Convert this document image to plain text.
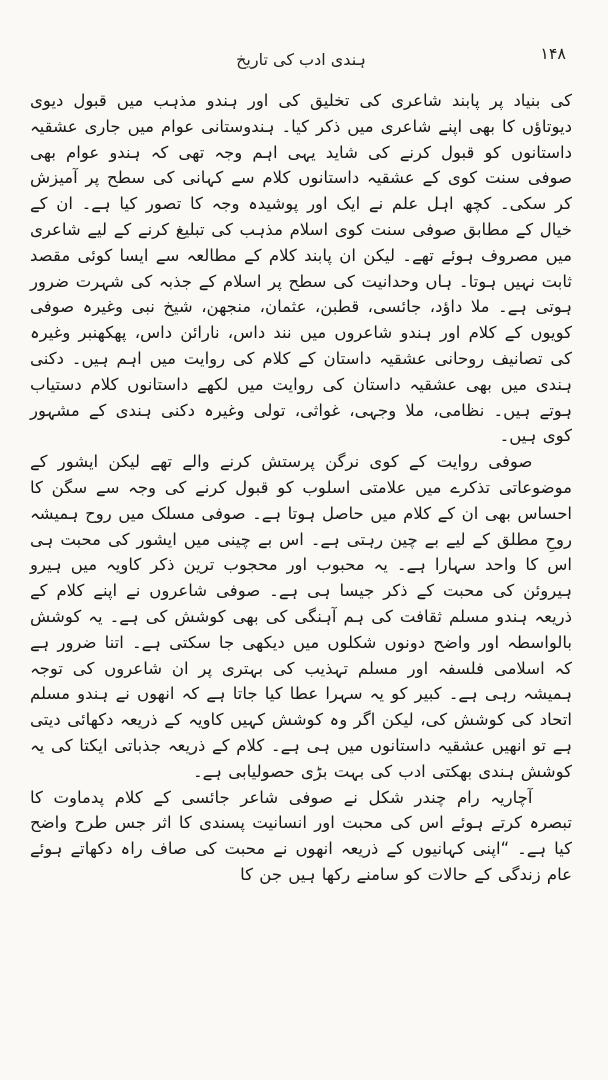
۱۴۸
ہندی ادب کی تاریخ

کی بنیاد پر پابند شاعری کی تخلیق کی اور ہندو مذہب میں قبول دیوی دیوتاؤں کا بھی اپنے شاعری میں ذکر کیا۔ ہندوستانی عوام میں جاری عشقیہ داستانوں کو قبول کرنے کی شاید یہی اہم وجہ تھی کہ ہندو عوام بھی صوفی سنت کوی کے عشقیہ داستانوں کلام سے کہانی کی سطح پر آمیزش کر سکی۔ کچھ اہل علم نے ایک اور پوشیدہ وجہ کا تصور کیا ہے۔ ان کے خیال کے مطابق صوفی سنت کوی اسلام مذہب کی تبلیغ کرنے کے لیے شاعری میں مصروف ہوئے تھے۔ لیکن ان پابند کلام کے مطالعہ سے ایسا کوئی مقصد ثابت نہیں ہوتا۔ ہاں وحدانیت کی سطح پر اسلام کے جذبہ کی شہرت ضرور ہوتی ہے۔ ملا داؤد، جائسی، قطبن، عثمان، منجھن، شیخ نبی وغیرہ صوفی کویوں کے کلام اور ہندو شاعروں میں نند داس، نارائن داس، پھکھنبر وغیرہ کی تصانیف روحانی عشقیہ داستان کے کلام کی روایت میں اہم ہیں۔ دکنی ہندی میں بھی عشقیہ داستان کی روایت میں لکھے داستانوں کلام دستیاب ہوتے ہیں۔ نظامی، ملا وجہی، غواثی، تولی وغیرہ دکنی ہندی کے مشہور کوی ہیں۔

صوفی روایت کے کوی نرگن پرستش کرنے والے تھے لیکن ایشور کے موضوعاتی تذکرے میں علامتی اسلوب کو قبول کرنے کی وجہ سے سگن کا احساس بھی ان کے کلام میں حاصل ہوتا ہے۔ صوفی مسلک میں روح ہمیشہ روحِ مطلق کے لیے بے چین رہتی ہے۔ اس بے چینی میں ایشور کی محبت ہی اس کا واحد سہارا ہے۔ یہ محبوب اور محجوب ترین ذکر کاویہ میں ہیرو ہیروئن کی محبت کے ذکر جیسا ہی ہے۔ صوفی شاعروں نے اپنے کلام کے ذریعہ ہندو مسلم ثقافت کی ہم آہنگی کی بھی کوشش کی ہے۔ یہ کوشش بالواسطہ اور واضح دونوں شکلوں میں دیکھی جا سکتی ہے۔ اتنا ضرور ہے کہ اسلامی فلسفہ اور مسلم تہذیب کی بہتری پر ان شاعروں کی توجہ ہمیشہ رہی ہے۔ کبیر کو یہ سہرا عطا کیا جاتا ہے کہ انھوں نے ہندو مسلم اتحاد کی کوشش کی، لیکن اگر وہ کوشش کہیں کاویہ کے ذریعہ دکھائی دیتی ہے تو انھیں عشقیہ داستانوں میں ہی ہے۔ کلام کے ذریعہ جذباتی ایکتا کی یہ کوشش ہندی بھکتی ادب کی بہت بڑی حصولیابی ہے۔

آچاریہ رام چندر شکل نے صوفی شاعر جائسی کے کلام پدماوت کا تبصرہ کرتے ہوئے اس کی محبت اور انسانیت پسندی کا اثر جس طرح واضح کیا ہے۔ “اپنی کہانیوں کے ذریعہ انھوں نے محبت کی صاف راہ دکھاتے ہوئے عام زندگی کے حالات کو سامنے رکھا ہیں جن کا
